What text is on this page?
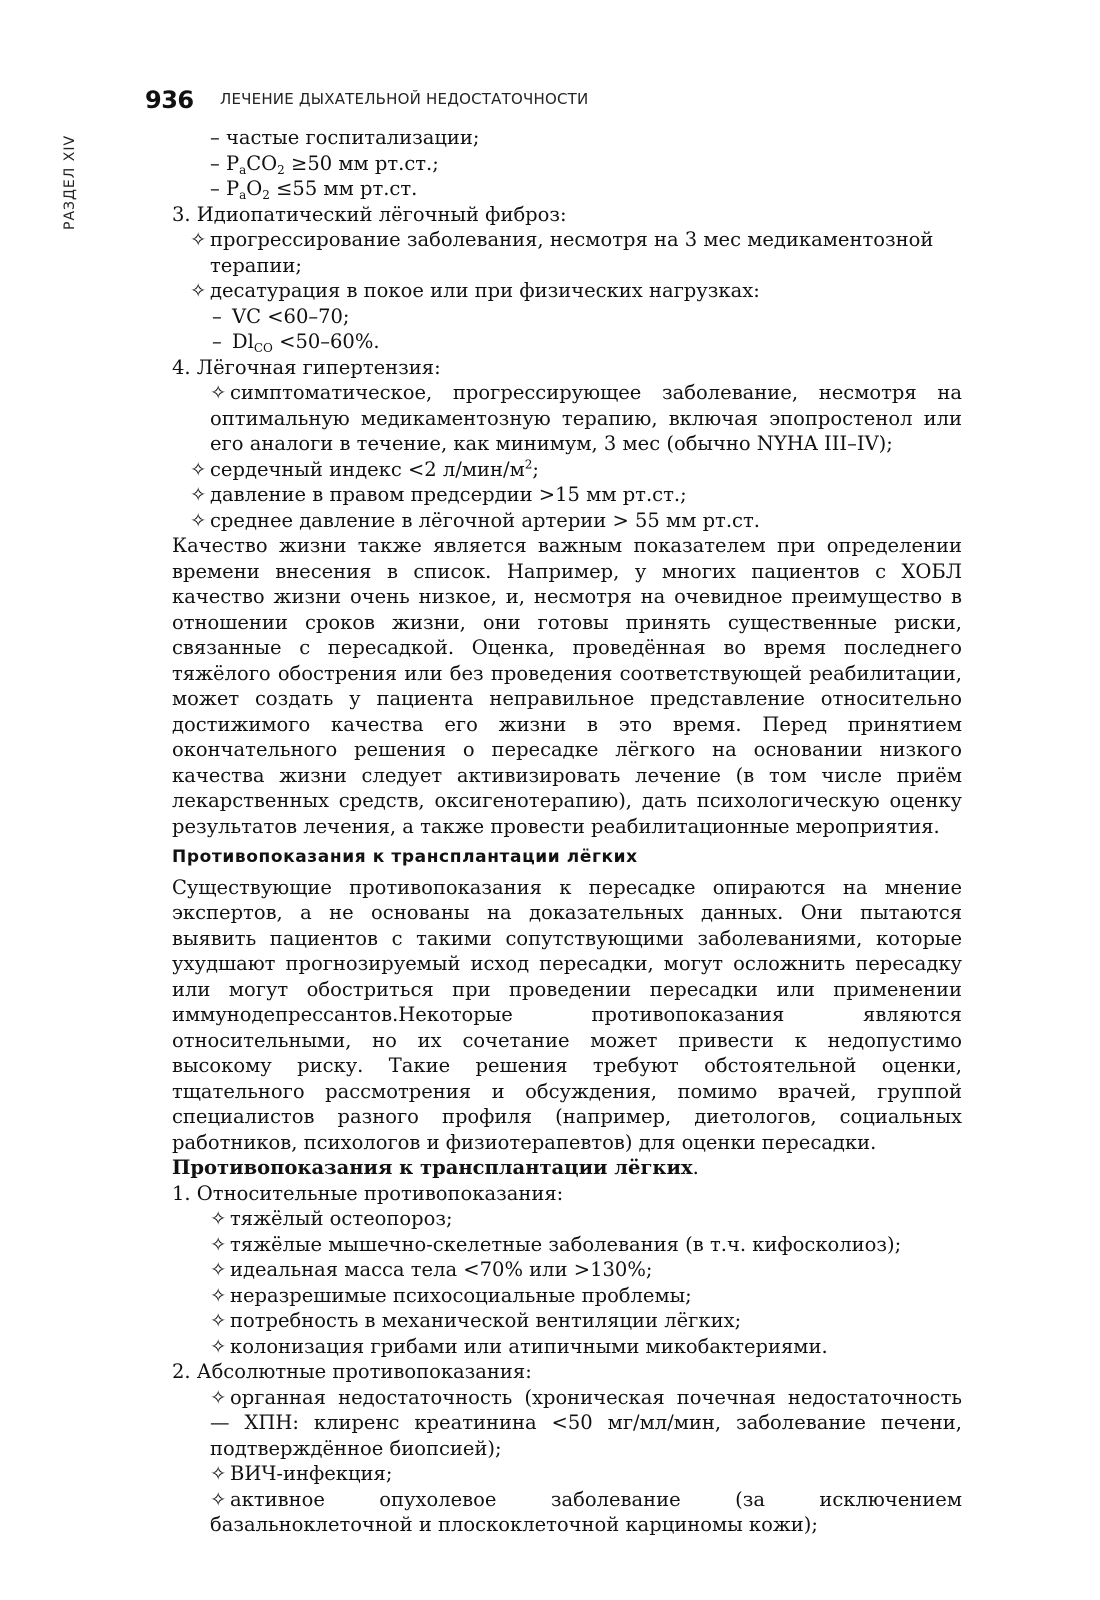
РАЗДЕЛ XIV
936 ЛЕЧЕНИЕ ДЫХАТЕЛЬНОЙ НЕДОСТАТОЧНОСТИ
– частые госпитализации;
– $P_aCO_2 \ge 50$ мм рт.ст.;
– $P_aO_2 \le 55$ мм рт.ст.
3. Идиопатический лёгочный фиброз:
✧ прогрессирование заболевания, несмотря на 3 мес медикаментозной терапии;
✧ десатурация в покое или при физических нагрузках:
– VC <60–70;
– $Dl_{CO} <50-60\%$.
4. Лёгочная гипертензия:
✧ симптоматическое, прогрессирующее заболевание, несмотря на оптимальную медикаментозную терапию, включая эпопростенол или его аналоги в течение, как минимум, 3 мес (обычно NYHA III–IV);
✧ сердечный индекс <2 $л/мин/м^2$;
✧ давление в правом предсердии >15 мм рт.ст.;
✧ среднее давление в лёгочной артерии > 55 мм рт.ст.
Качество жизни также является важным показателем при определении времени внесения в список. Например, у многих пациентов с ХОБЛ качество жизни очень низкое, и, несмотря на очевидное преимущество в отношении сроков жизни, они готовы принять существенные риски, связанные с пересадкой. Оценка, проведённая во время последнего тяжёлого обострения или без проведения соответствующей реабилитации, может создать у пациента неправильное представление относительно достижимого качества его жизни в это время. Перед принятием окончательного решения о пересадке лёгкого на основании низкого качества жизни следует активизировать лечение (в том числе приём лекарственных средств, оксигенотерапию), дать психологическую оценку результатов лечения, а также провести реабилитационные мероприятия.
Противопоказания к трансплантации лёгких
Существующие противопоказания к пересадке опираются на мнение экспертов, а не основаны на доказательных данных. Они пытаются выявить пациентов с такими сопутствующими заболеваниями, которые ухудшают прогнозируемый исход пересадки, могут осложнить пересадку или могут обостриться при проведении пересадки или применении иммунодепрессантов.Некоторые противопоказания являются относительными, но их сочетание может привести к недопустимо высокому риску. Такие решения требуют обстоятельной оценки, тщательного рассмотрения и обсуждения, помимо врачей, группой специалистов разного профиля (например, диетологов, социальных работников, психологов и физиотерапевтов) для оценки пересадки.
Противопоказания к трансплантации лёгких.
1. Относительные противопоказания:
✧ тяжёлый остеопороз;
✧ тяжёлые мышечно-скелетные заболевания (в т.ч. кифосколиоз);
✧ идеальная масса тела <70% или >130%;
✧ неразрешимые психосоциальные проблемы;
✧ потребность в механической вентиляции лёгких;
✧ колонизация грибами или атипичными микобактериями.
2. Абсолютные противопоказания:
✧ органная недостаточность (хроническая почечная недостаточность — ХПН: клиренс креатинина <50 мг/мл/мин, заболевание печени, подтверждённое биопсией);
✧ ВИЧ-инфекция;
✧ активное опухолевое заболевание (за исключением базальноклеточной и плоскоклеточной карциномы кожи);
